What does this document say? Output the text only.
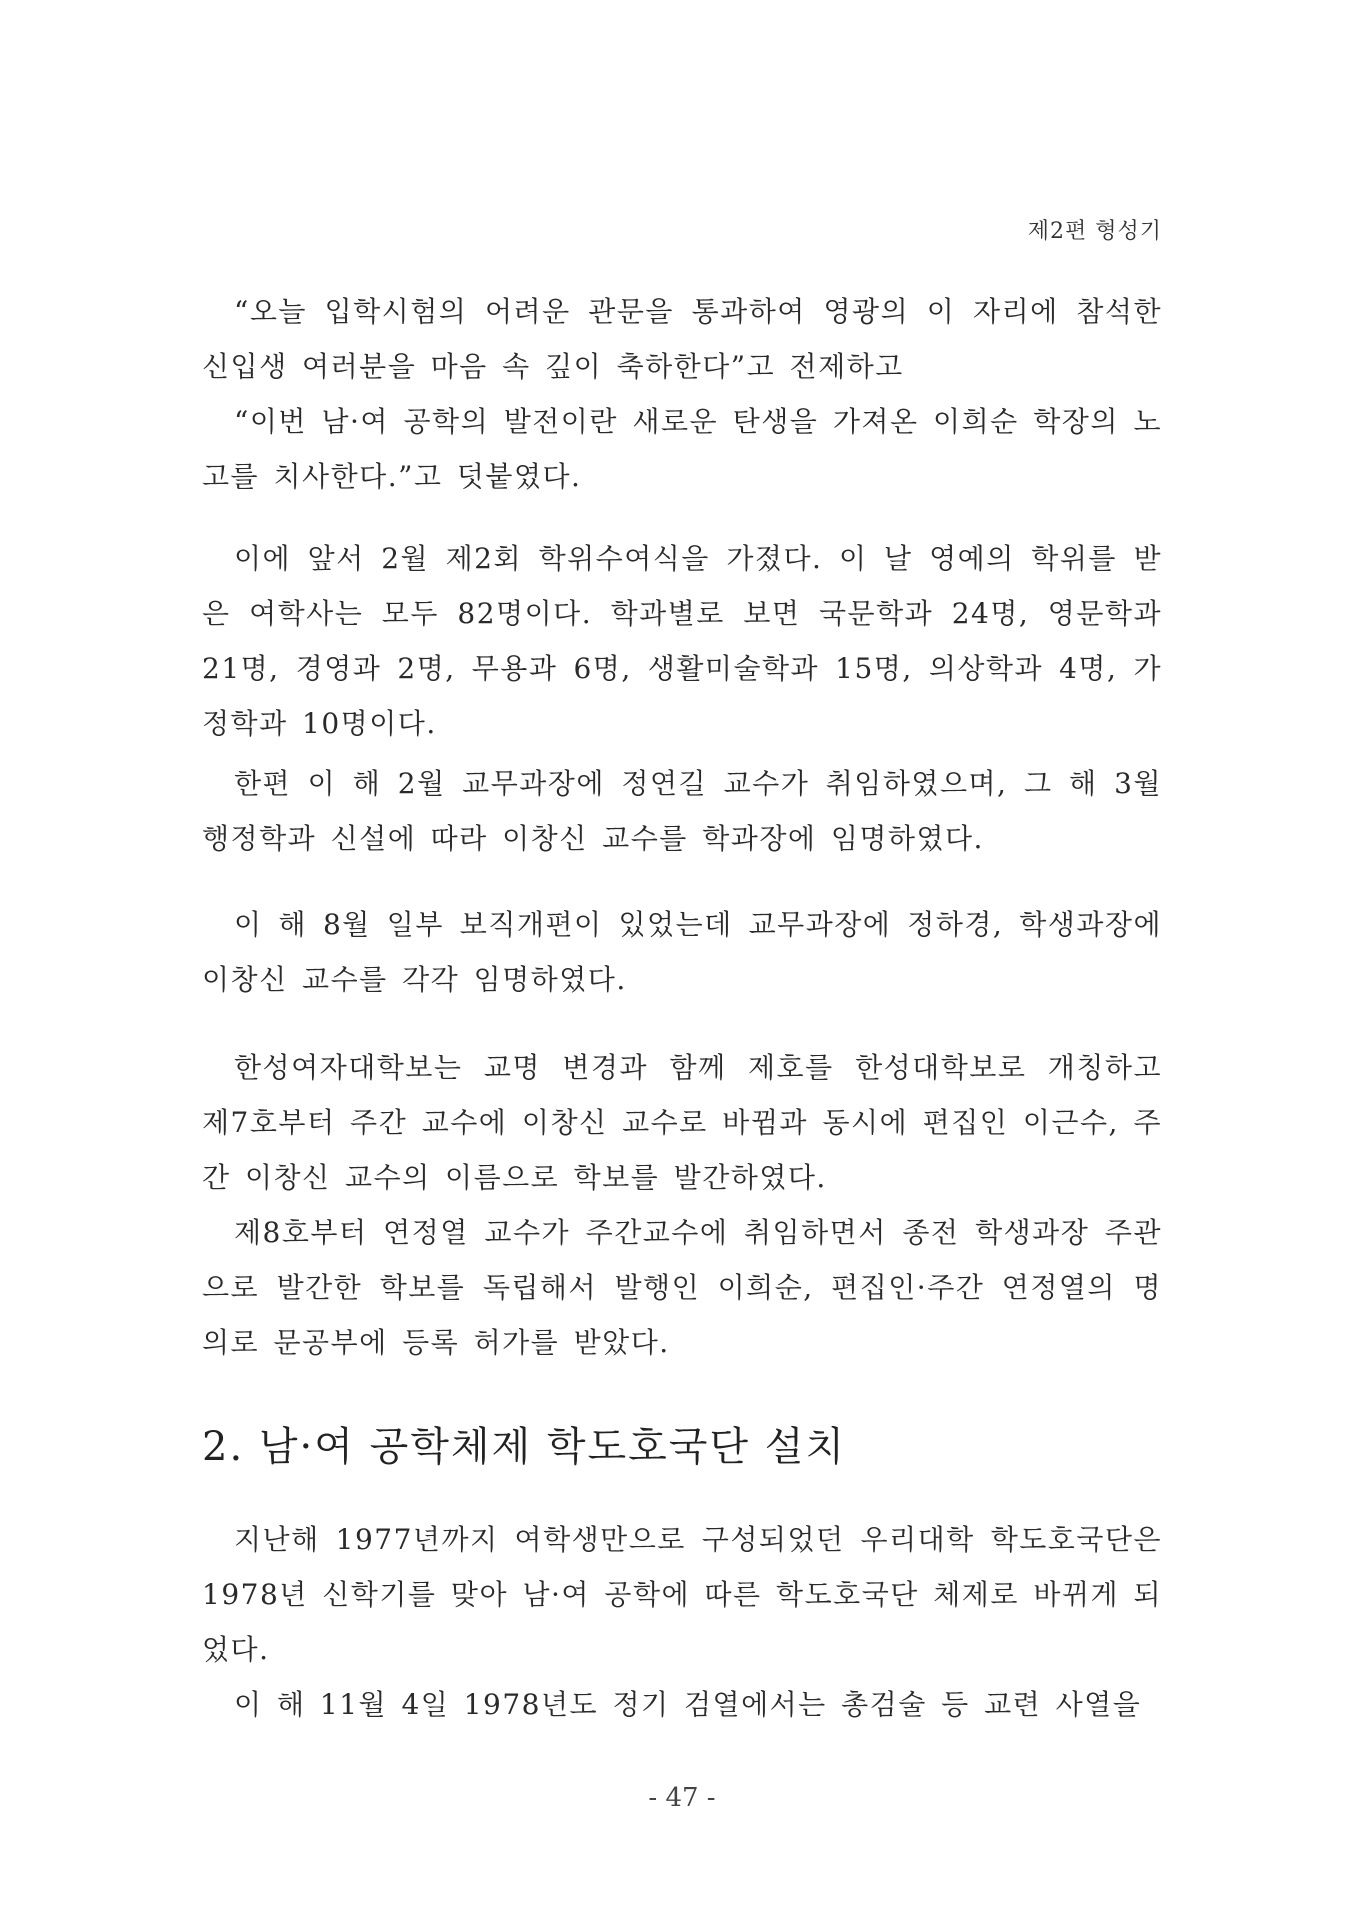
제2편 형성기

“오늘 입학시험의 어려운 관문을 통과하여 영광의 이 자리에 참석한 신입생 여러분을 마음 속 깊이 축하한다”고 전제하고

“이번 남·여 공학의 발전이란 새로운 탄생을 가져온 이희순 학장의 노고를 치사한다.”고 덧붙였다.

이에 앞서 2월 제2회 학위수여식을 가졌다. 이 날 영예의 학위를 받은 여학사는 모두 82명이다. 학과별로 보면 국문학과 24명, 영문학과 21명, 경영과 2명, 무용과 6명, 생활미술학과 15명, 의상학과 4명, 가정학과 10명이다.

한편 이 해 2월 교무과장에 정연길 교수가 취임하였으며, 그 해 3월 행정학과 신설에 따라 이창신 교수를 학과장에 임명하였다.

이 해 8월 일부 보직개편이 있었는데 교무과장에 정하경, 학생과장에 이창신 교수를 각각 임명하였다.

한성여자대학보는 교명 변경과 함께 제호를 한성대학보로 개칭하고 제7호부터 주간 교수에 이창신 교수로 바뀜과 동시에 편집인 이근수, 주간 이창신 교수의 이름으로 학보를 발간하였다.

제8호부터 연정열 교수가 주간교수에 취임하면서 종전 학생과장 주관으로 발간한 학보를 독립해서 발행인 이희순, 편집인·주간 연정열의 명의로 문공부에 등록 허가를 받았다.

2. 남·여 공학체제 학도호국단 설치

지난해 1977년까지 여학생만으로 구성되었던 우리대학 학도호국단은 1978년 신학기를 맞아 남·여 공학에 따른 학도호국단 체제로 바뀌게 되었다.

이 해 11월 4일 1978년도 정기 검열에서는 총검술 등 교련 사열을

- 47 -
